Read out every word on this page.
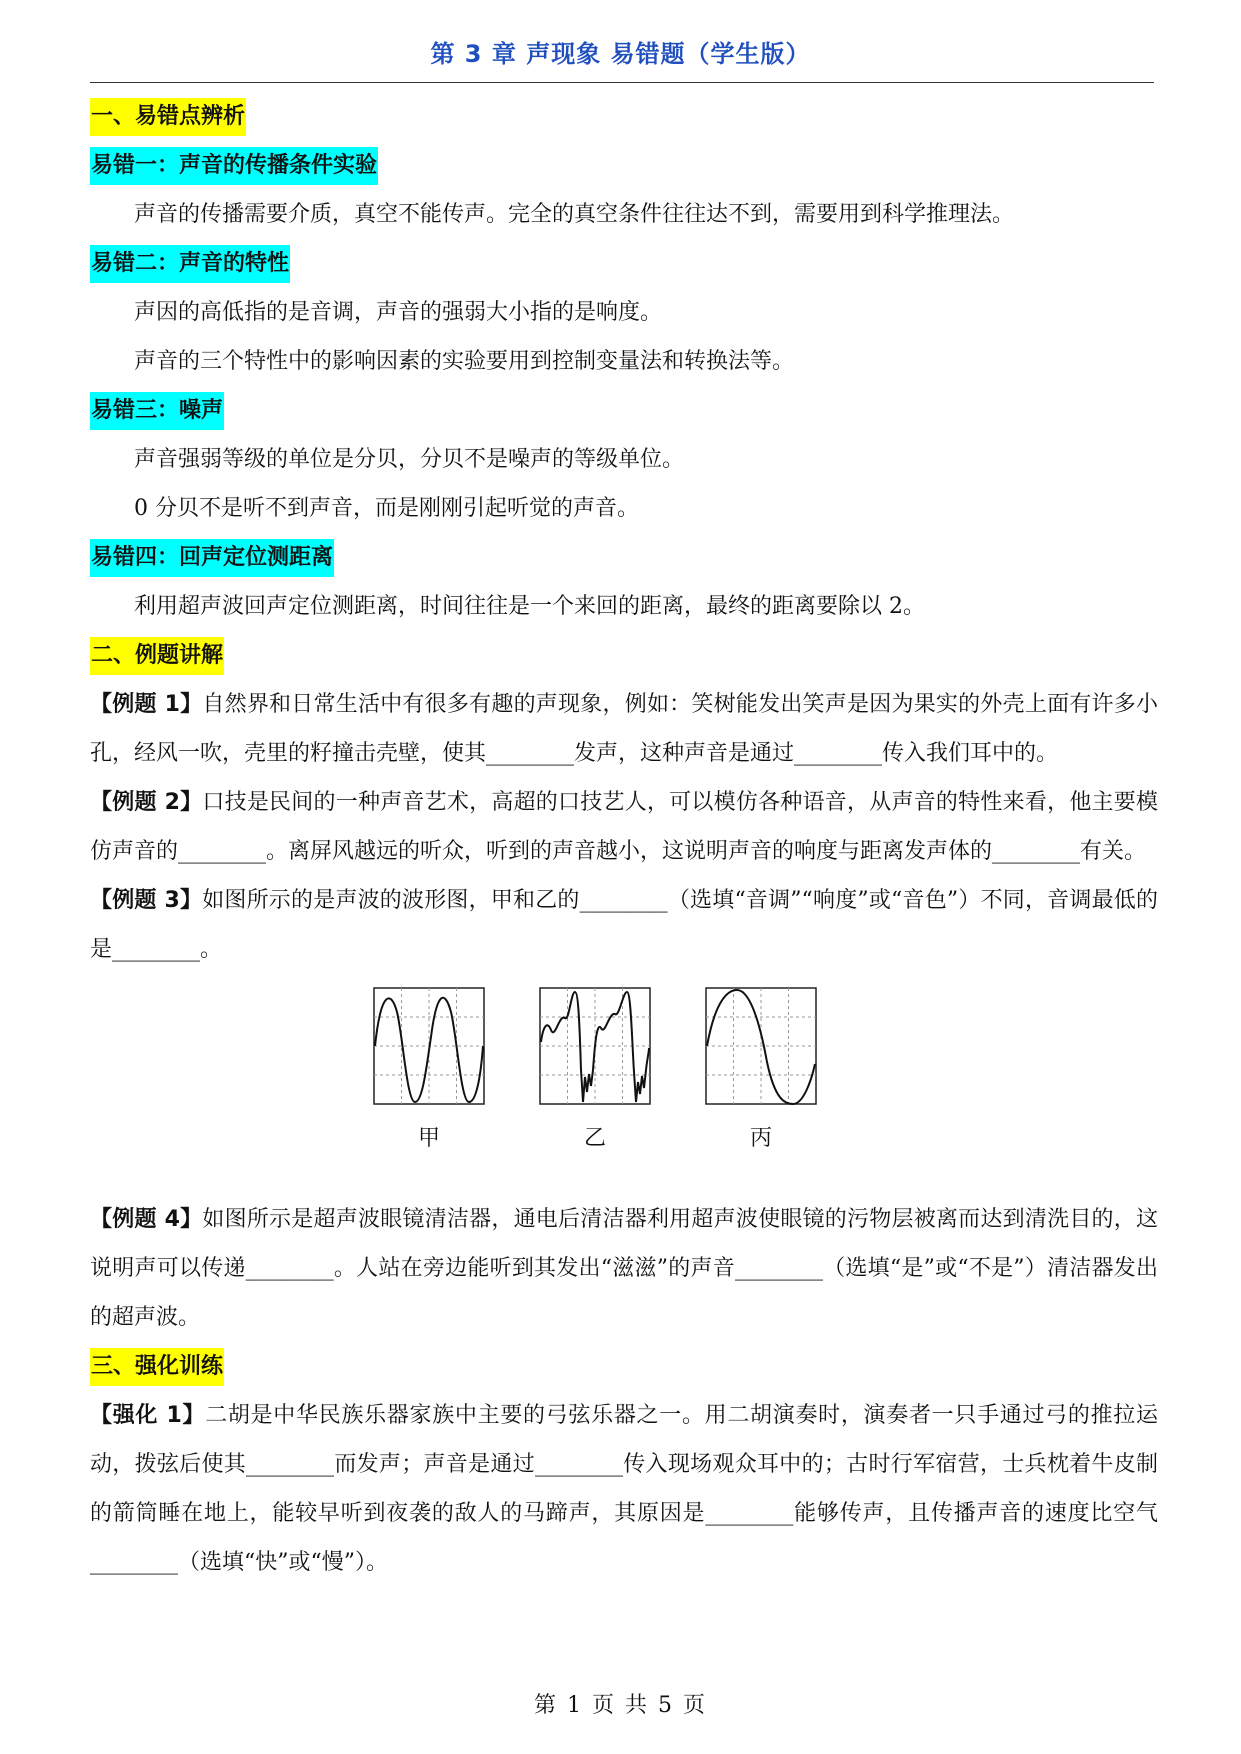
第 3 章 声现象 易错题（学生版）
一、易错点辨析
易错一：声音的传播条件实验
声音的传播需要介质，真空不能传声。完全的真空条件往往达不到，需要用到科学推理法。
易错二：声音的特性
声因的高低指的是音调，声音的强弱大小指的是响度。
声音的三个特性中的影响因素的实验要用到控制变量法和转换法等。
易错三：噪声
声音强弱等级的单位是分贝，分贝不是噪声的等级单位。
0 分贝不是听不到声音，而是刚刚引起听觉的声音。
易错四：回声定位测距离
利用超声波回声定位测距离，时间往往是一个来回的距离，最终的距离要除以 2。
二、例题讲解
【例题 1】自然界和日常生活中有很多有趣的声现象，例如：笑树能发出笑声是因为果实的外壳上面有许多小孔，经风一吹，壳里的籽撞击壳壁，使其________发声，这种声音是通过________传入我们耳中的。
【例题 2】口技是民间的一种声音艺术，高超的口技艺人，可以模仿各种语音，从声音的特性来看，他主要模仿声音的________。离屏风越远的听众，听到的声音越小，这说明声音的响度与距离发声体的________有关。
【例题 3】如图所示的是声波的波形图，甲和乙的________（选填“音调”“响度”或“音色”）不同，音调最低的是________。
甲	乙	丙
【例题 4】如图所示是超声波眼镜清洁器，通电后清洁器利用超声波使眼镜的污物层被离而达到清洗目的，这说明声可以传递________。人站在旁边能听到其发出“滋滋”的声音________（选填“是”或“不是”）清洁器发出的超声波。
三、强化训练
【强化 1】二胡是中华民族乐器家族中主要的弓弦乐器之一。用二胡演奏时，演奏者一只手通过弓的推拉运动，拨弦后使其________而发声；声音是通过________传入现场观众耳中的；古时行军宿营，士兵枕着牛皮制的箭筒睡在地上，能较早听到夜袭的敌人的马蹄声，其原因是________能够传声，且传播声音的速度比空气________（选填“快”或“慢”）。
第 1 页 共 5 页
